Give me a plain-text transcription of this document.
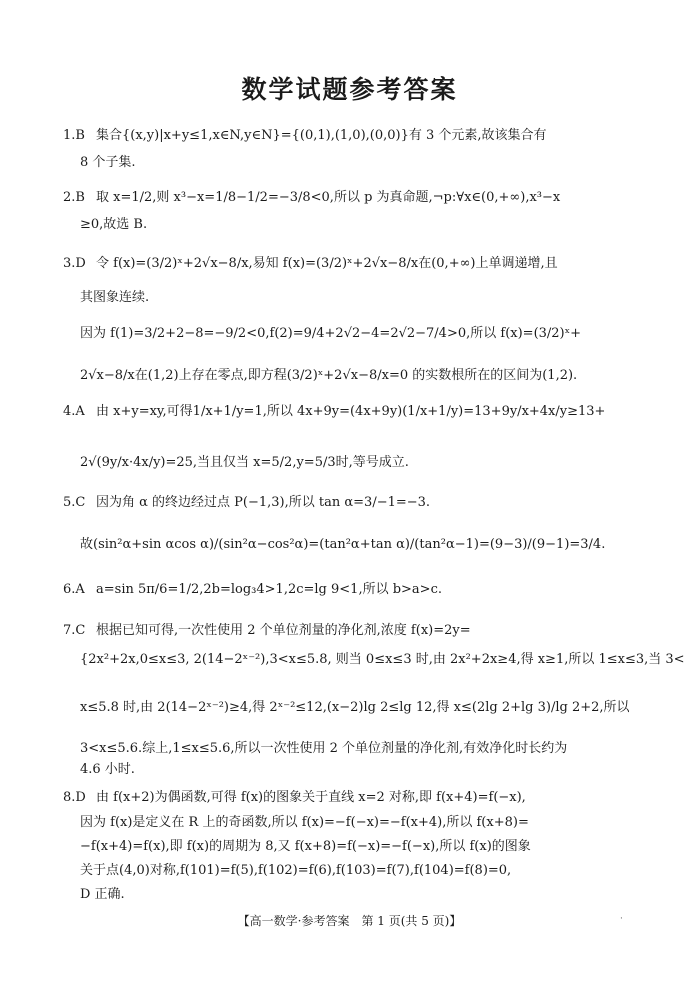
数学试题参考答案
1.B 集合{(x,y)|x+y≤1,x∈N,y∈N}={(0,1),(1,0),(0,0)}有 3 个元素,故该集合有
8 个子集.
2.B 取 x=1/2,则 x³−x=1/8−1/2=−3/8<0,所以 p 为真命题,¬p:∀x∈(0,+∞),x³−x
≥0,故选 B.
3.D 令 f(x)=(3/2)ˣ+2√x−8/x,易知 f(x)=(3/2)ˣ+2√x−8/x在(0,+∞)上单调递增,且
其图象连续.
因为 f(1)=3/2+2−8=−9/2<0,f(2)=9/4+2√2−4=2√2−7/4>0,所以 f(x)=(3/2)ˣ+
2√x−8/x在(1,2)上存在零点,即方程(3/2)ˣ+2√x−8/x=0 的实数根所在的区间为(1,2).
4.A 由 x+y=xy,可得1/x+1/y=1,所以 4x+9y=(4x+9y)(1/x+1/y)=13+9y/x+4x/y≥13+
2√(9y/x·4x/y)=25,当且仅当 x=5/2,y=5/3时,等号成立.
5.C 因为角 α 的终边经过点 P(−1,3),所以 tan α=3/−1=−3.
故(sin²α+sin αcos α)/(sin²α−cos²α)=(tan²α+tan α)/(tan²α−1)=(9−3)/(9−1)=3/4.
6.A a=sin 5π/6=1/2,2b=log₃4>1,2c=lg 9<1,所以 b>a>c.
7.C 根据已知可得,一次性使用 2 个单位剂量的净化剂,浓度 f(x)=2y=
{2x²+2x,0≤x≤3, 2(14−2ˣ⁻²),3<x≤5.8, 则当 0≤x≤3 时,由 2x²+2x≥4,得 x≥1,所以 1≤x≤3,当 3<
x≤5.8 时,由 2(14−2ˣ⁻²)≥4,得 2ˣ⁻²≤12,(x−2)lg 2≤lg 12,得 x≤(2lg 2+lg 3)/lg 2+2,所以
3<x≤5.6.综上,1≤x≤5.6,所以一次性使用 2 个单位剂量的净化剂,有效净化时长约为
4.6 小时.
8.D 由 f(x+2)为偶函数,可得 f(x)的图象关于直线 x=2 对称,即 f(x+4)=f(−x),
因为 f(x)是定义在 R 上的奇函数,所以 f(x)=−f(−x)=−f(x+4),所以 f(x+8)=
−f(x+4)=f(x),即 f(x)的周期为 8,又 f(x+8)=f(−x)=−f(−x),所以 f(x)的图象
关于点(4,0)对称,f(101)=f(5),f(102)=f(6),f(103)=f(7),f(104)=f(8)=0,
D 正确.
【高一数学·参考答案　第 1 页(共 5 页)】	·
